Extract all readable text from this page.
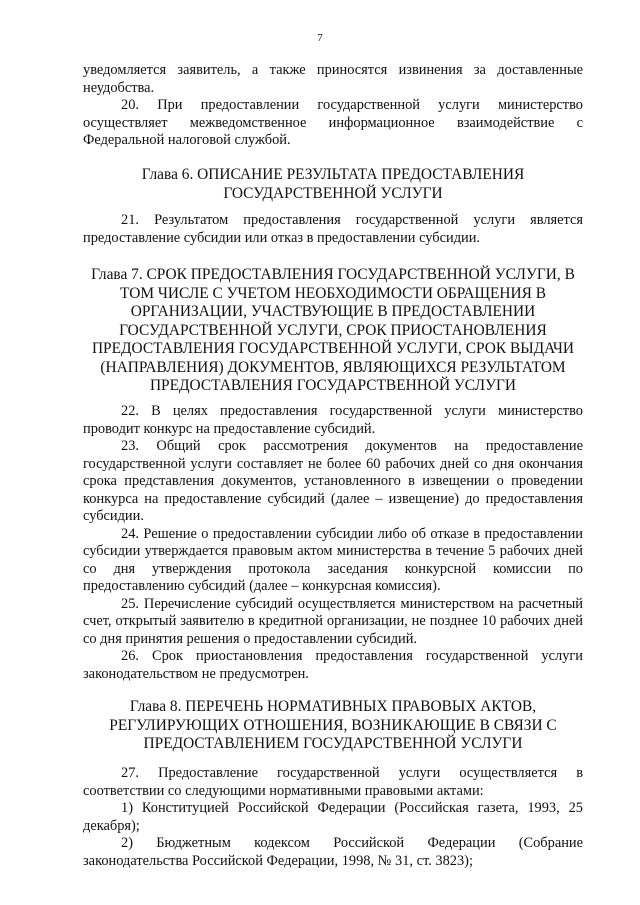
7

уведомляется заявитель, а также приносятся извинения за доставленные неудобства.

20. При предоставлении государственной услуги министерство осуществляет межведомственное информационное взаимодействие с Федеральной налоговой службой.

Глава 6. ОПИСАНИЕ РЕЗУЛЬТАТА ПРЕДОСТАВЛЕНИЯ ГОСУДАРСТВЕННОЙ УСЛУГИ

21. Результатом предоставления государственной услуги является предоставление субсидии или отказ в предоставлении субсидии.

Глава 7. СРОК ПРЕДОСТАВЛЕНИЯ ГОСУДАРСТВЕННОЙ УСЛУГИ, В ТОМ ЧИСЛЕ С УЧЕТОМ НЕОБХОДИМОСТИ ОБРАЩЕНИЯ В ОРГАНИЗАЦИИ, УЧАСТВУЮЩИЕ В ПРЕДОСТАВЛЕНИИ ГОСУДАРСТВЕННОЙ УСЛУГИ, СРОК ПРИОСТАНОВЛЕНИЯ ПРЕДОСТАВЛЕНИЯ ГОСУДАРСТВЕННОЙ УСЛУГИ, СРОК ВЫДАЧИ (НАПРАВЛЕНИЯ) ДОКУМЕНТОВ, ЯВЛЯЮЩИХСЯ РЕЗУЛЬТАТОМ ПРЕДОСТАВЛЕНИЯ ГОСУДАРСТВЕННОЙ УСЛУГИ

22. В целях предоставления государственной услуги министерство проводит конкурс на предоставление субсидий.

23. Общий срок рассмотрения документов на предоставление государственной услуги составляет не более 60 рабочих дней со дня окончания срока представления документов, установленного в извещении о проведении конкурса на предоставление субсидий (далее – извещение) до предоставления субсидии.

24. Решение о предоставлении субсидии либо об отказе в предоставлении субсидии утверждается правовым актом министерства в течение 5 рабочих дней со дня утверждения протокола заседания конкурсной комиссии по предоставлению субсидий (далее – конкурсная комиссия).

25. Перечисление субсидий осуществляется министерством на расчетный счет, открытый заявителю в кредитной организации, не позднее 10 рабочих дней со дня принятия решения о предоставлении субсидий.

26. Срок приостановления предоставления государственной услуги законодательством не предусмотрен.

Глава 8. ПЕРЕЧЕНЬ НОРМАТИВНЫХ ПРАВОВЫХ АКТОВ, РЕГУЛИРУЮЩИХ ОТНОШЕНИЯ, ВОЗНИКАЮЩИЕ В СВЯЗИ С ПРЕДОСТАВЛЕНИЕМ ГОСУДАРСТВЕННОЙ УСЛУГИ

27. Предоставление государственной услуги осуществляется в соответствии со следующими нормативными правовыми актами:

1) Конституцией Российской Федерации (Российская газета, 1993, 25 декабря);

2) Бюджетным кодексом Российской Федерации (Собрание законодательства Российской Федерации, 1998, № 31, ст. 3823);
